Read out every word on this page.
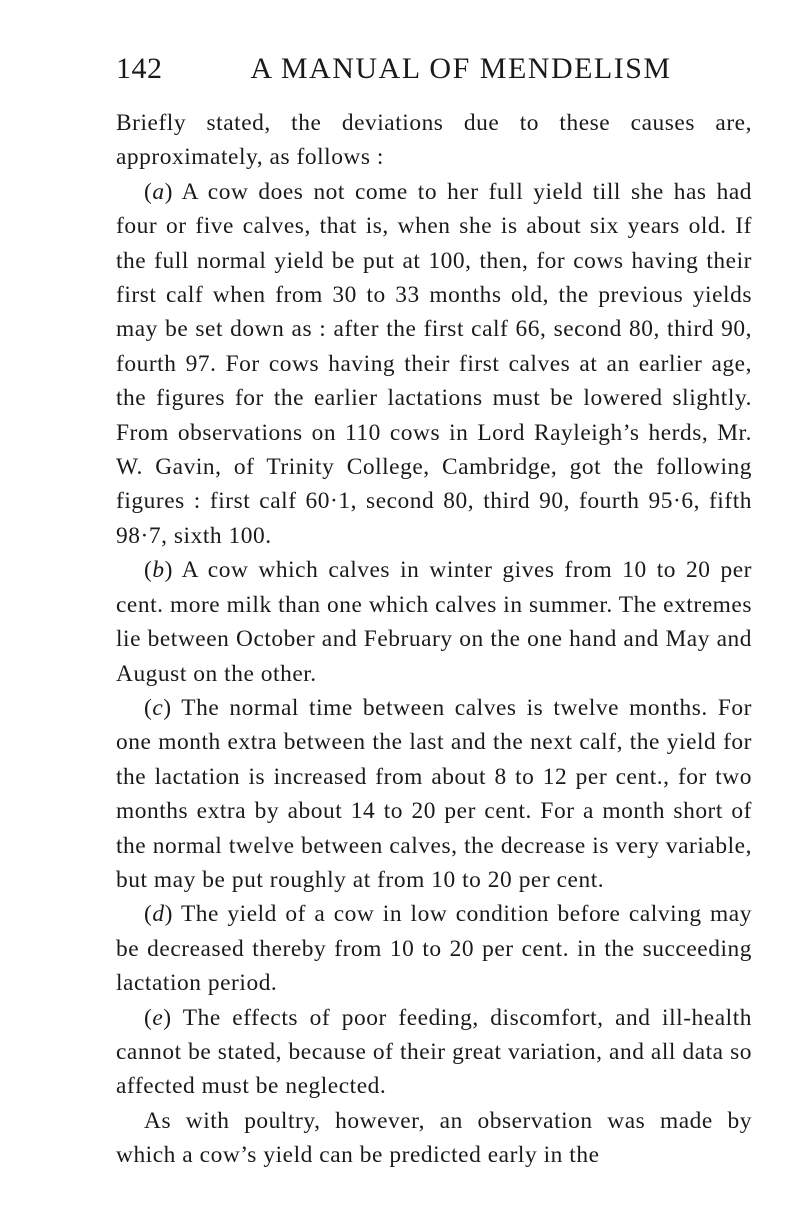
142	A MANUAL OF MENDELISM

Briefly stated, the deviations due to these causes are, approximately, as follows :

(a) A cow does not come to her full yield till she has had four or five calves, that is, when she is about six years old. If the full normal yield be put at 100, then, for cows having their first calf when from 30 to 33 months old, the previous yields may be set down as : after the first calf 66, second 80, third 90, fourth 97. For cows having their first calves at an earlier age, the figures for the earlier lactations must be lowered slightly. From observations on 110 cows in Lord Rayleigh’s herds, Mr. W. Gavin, of Trinity College, Cambridge, got the following figures : first calf 60·1, second 80, third 90, fourth 95·6, fifth 98·7, sixth 100.

(b) A cow which calves in winter gives from 10 to 20 per cent. more milk than one which calves in summer. The extremes lie between October and February on the one hand and May and August on the other.

(c) The normal time between calves is twelve months. For one month extra between the last and the next calf, the yield for the lactation is increased from about 8 to 12 per cent., for two months extra by about 14 to 20 per cent. For a month short of the normal twelve between calves, the decrease is very variable, but may be put roughly at from 10 to 20 per cent.

(d) The yield of a cow in low condition before calving may be decreased thereby from 10 to 20 per cent. in the succeeding lactation period.

(e) The effects of poor feeding, discomfort, and ill-health cannot be stated, because of their great variation, and all data so affected must be neglected.

As with poultry, however, an observation was made by which a cow’s yield can be predicted early in the
